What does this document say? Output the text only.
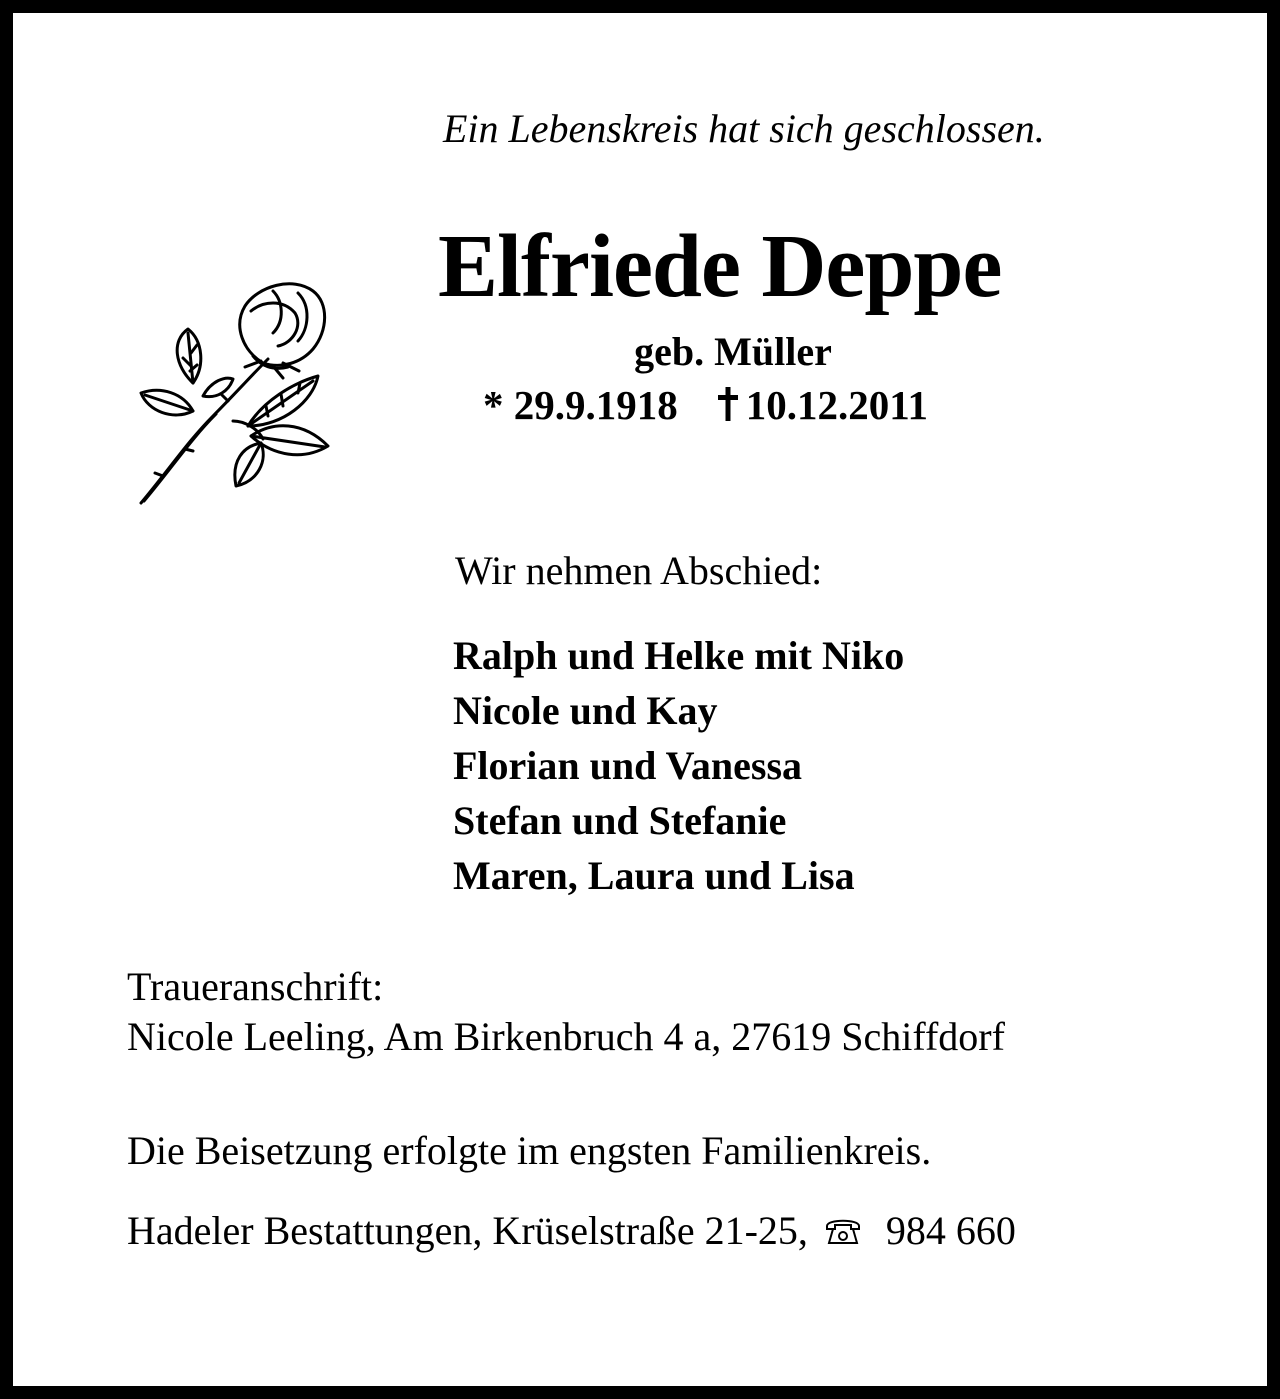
Ein Lebenskreis hat sich geschlossen.
Elfriede Deppe
geb. Müller
* 29.9.1918 10.12.2011
Wir nehmen Abschied:
Ralph und Helke mit Niko
Nicole und Kay
Florian und Vanessa
Stefan und Stefanie
Maren, Laura und Lisa
Traueranschrift:
Nicole Leeling, Am Birkenbruch 4 a, 27619 Schiffdorf
Die Beisetzung erfolgte im engsten Familienkreis.
Hadeler Bestattungen, Krüselstraße 21-25, 984 660
